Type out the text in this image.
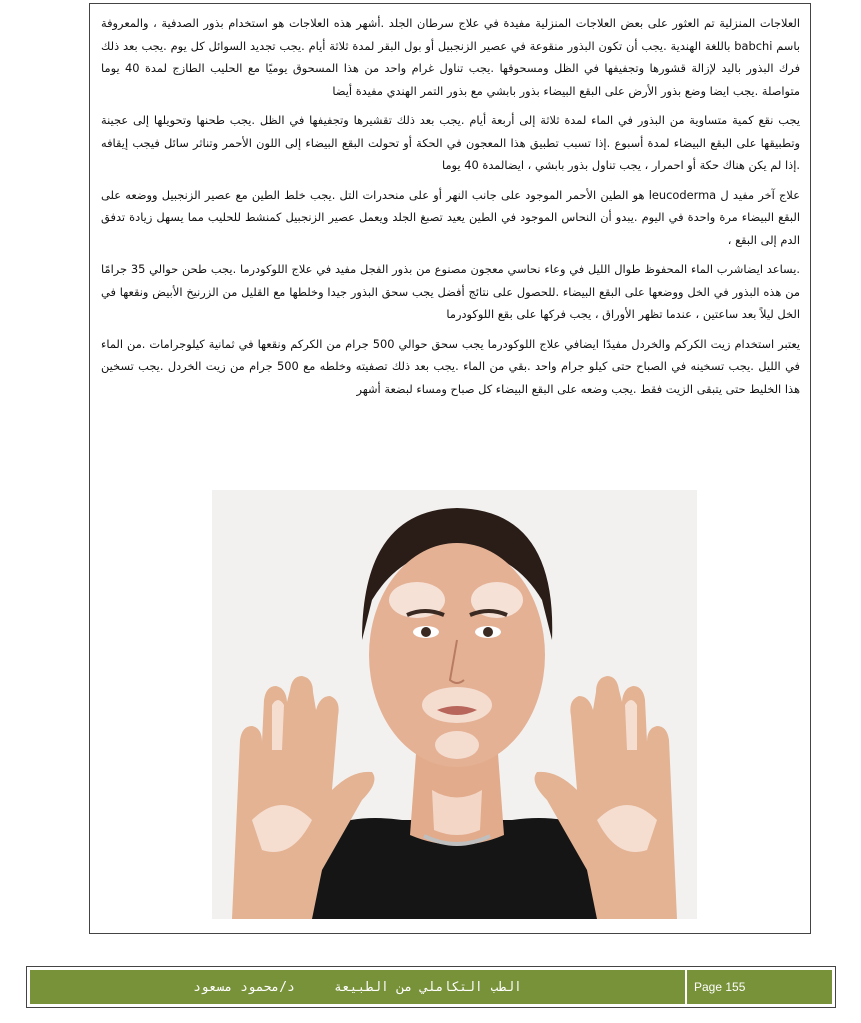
العلاجات المنزلية تم العثور على بعض العلاجات المنزلية مفيدة في علاج سرطان الجلد .أشهر هذه العلاجات هو استخدام بذور الصدفية ، والمعروفة باسم babchi باللغة الهندية .يجب أن تكون البذور منقوعة في عصير الزنجبيل أو بول البقر لمدة ثلاثة أيام .يجب تجديد السوائل كل يوم .يجب بعد ذلك فرك البذور باليد لإزالة قشورها وتجفيفها في الظل ومسحوقها .يجب تناول غرام واحد من هذا المسحوق يوميًا مع الحليب الطازج لمدة 40 يوما متواصلة .يجب ايضا وضع بذور الأرض على البقع البيضاء بذور بابشي مع بذور التمر الهندي مفيدة أيضا

يجب نقع كمية متساوية من البذور في الماء لمدة ثلاثة إلى أربعة أيام .يجب بعد ذلك تقشيرها وتجفيفها في الظل .يجب طحنها وتحويلها إلى عجينة وتطبيقها على البقع البيضاء لمدة أسبوع .إذا تسبب تطبيق هذا المعجون في الحكة أو تحولت البقع البيضاء إلى اللون الأحمر وتناثر سائل فيجب إيقافه .إذا لم يكن هناك حكة أو احمرار ، يجب تناول بذور بابشي ، ايضالمدة 40 يوما

علاج آخر مفيد ل leucoderma هو الطين الأحمر الموجود على جانب النهر أو على منحدرات التل .يجب خلط الطين مع عصير الزنجبيل ووضعه على البقع البيضاء مرة واحدة في اليوم .يبدو أن النحاس الموجود في الطين يعيد تصبغ الجلد ويعمل عصير الزنجبيل كمنشط للحليب مما يسهل زيادة تدفق الدم إلى البقع ،

.يساعد ايضاشرب الماء المحفوظ طوال الليل في وعاء نحاسي معجون مصنوع من بذور الفجل مفيد في علاج اللوكودرما .يجب طحن حوالي 35 جرامًا من هذه البذور في الخل ووضعها على البقع البيضاء .للحصول على نتائج أفضل يجب سحق البذور جيدا وخلطها مع القليل من الزرنيخ الأبيض ونقعها في الخل ليلاً بعد ساعتين ، عندما تظهر الأوراق ، يجب فركها على بقع اللوكودرما

يعتبر استخدام زيت الكركم والخردل مفيدًا ايضافي علاج اللوكودرما يجب سحق حوالي 500 جرام من الكركم ونقعها في ثمانية كيلوجرامات .من الماء في الليل .يجب تسخينه في الصباح حتى كيلو جرام واحد .بقي من الماء .يجب بعد ذلك تصفيته وخلطه مع 500 جرام من زيت الخردل .يجب تسخين هذا الخليط حتى يتبقى الزيت فقط .يجب وضعه على البقع البيضاء كل صباح ومساء لبضعة أشهر

الطب التكاملي من الطبيعة     د/محمود مسعود	Page 155
